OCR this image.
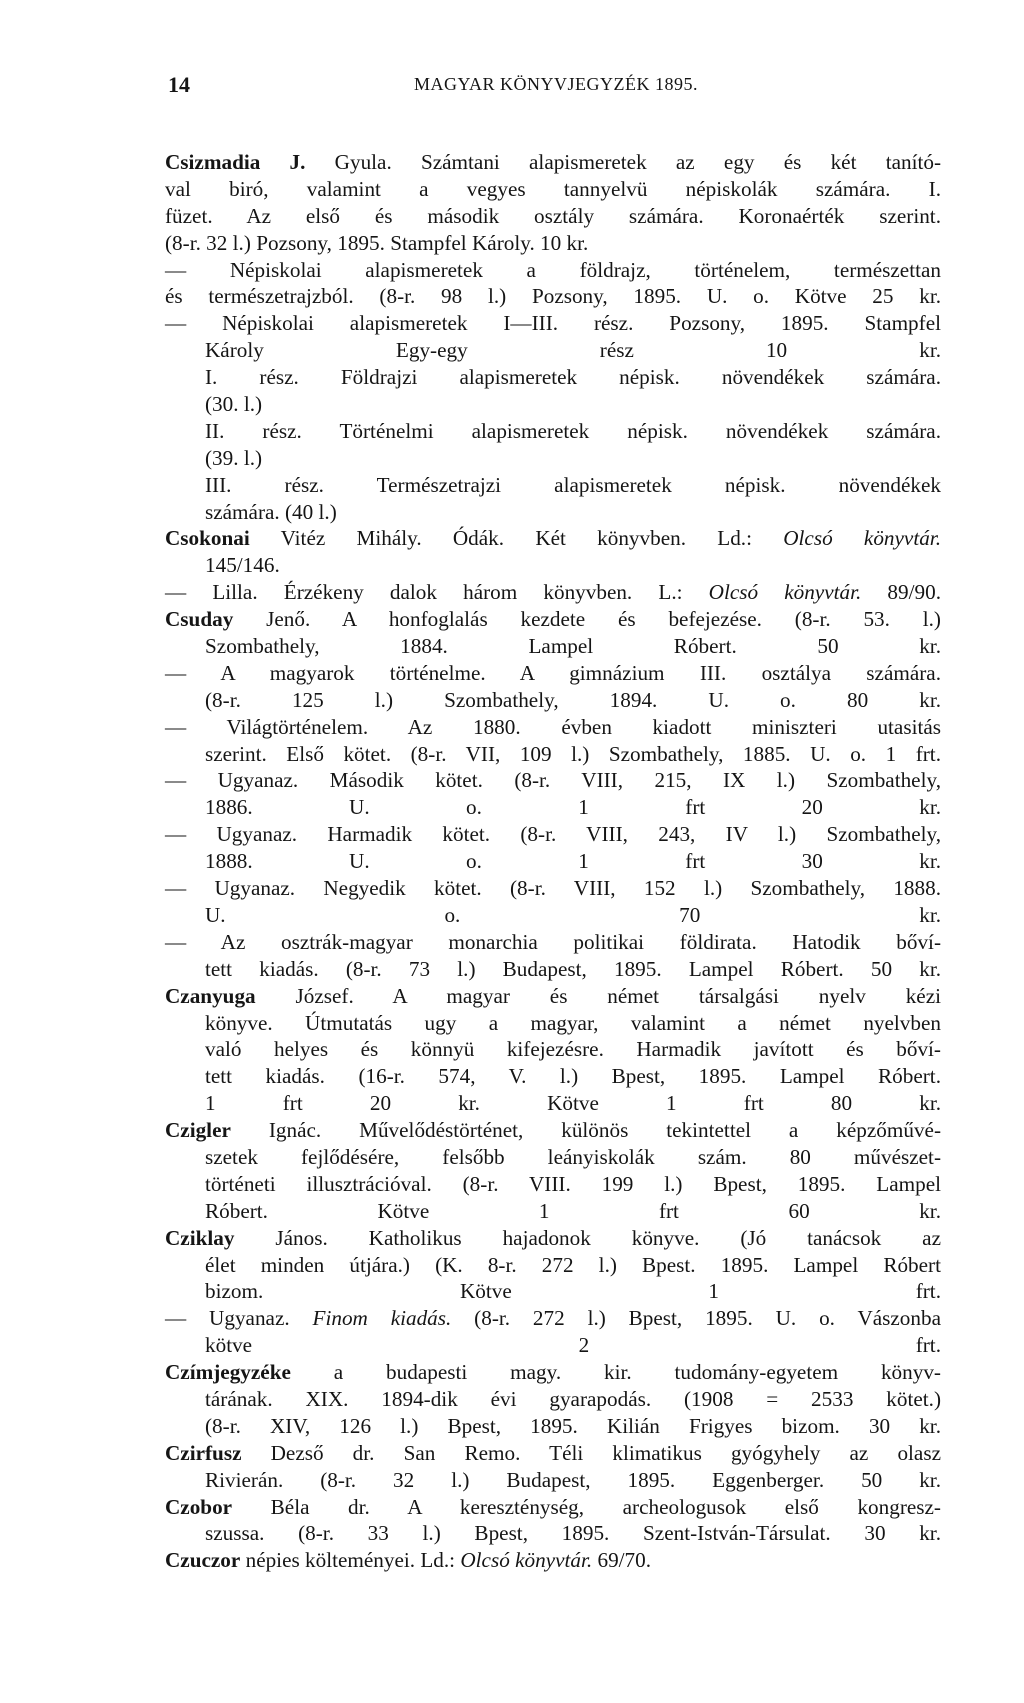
14	MAGYAR KÖNYVJEGYZÉK 1895.
Csizmadia J. Gyula. Számtani alapismeretek az egy és két tanító-
val biró, valamint a vegyes tannyelvü népiskolák számára. I.
füzet. Az első és második osztály számára. Koronaérték szerint.
(8-r. 32 l.) Pozsony, 1895. Stampfel Károly. 10 kr.
— Népiskolai alapismeretek a földrajz, történelem, természettan
és természetrajzból. (8-r. 98 l.) Pozsony, 1895. U. o. Kötve 25 kr.
— Népiskolai alapismeretek I—III. rész. Pozsony, 1895. Stampfel
Károly Egy-egy rész 10 kr.
I. rész. Földrajzi alapismeretek népisk. növendékek számára.
(30. l.)
II. rész. Történelmi alapismeretek népisk. növendékek számára.
(39. l.)
III. rész. Természetrajzi alapismeretek népisk. növendékek
számára. (40 l.)
Csokonai Vitéz Mihály. Ódák. Két könyvben. Ld.: Olcsó könyvtár.
145/146.
— Lilla. Érzékeny dalok három könyvben. L.: Olcsó könyvtár. 89/90.
Csuday Jenő. A honfoglalás kezdete és befejezése. (8-r. 53. l.)
Szombathely, 1884. Lampel Róbert. 50 kr.
— A magyarok történelme. A gimnázium III. osztálya számára.
(8-r. 125 l.) Szombathely, 1894. U. o. 80 kr.
— Világtörténelem. Az 1880. évben kiadott miniszteri utasitás
szerint. Első kötet. (8-r. VII, 109 l.) Szombathely, 1885. U. o. 1 frt.
— Ugyanaz. Második kötet. (8-r. VIII, 215, IX l.) Szombathely,
1886. U. o. 1 frt 20 kr.
— Ugyanaz. Harmadik kötet. (8-r. VIII, 243, IV l.) Szombathely,
1888. U. o. 1 frt 30 kr.
— Ugyanaz. Negyedik kötet. (8-r. VIII, 152 l.) Szombathely, 1888.
U. o. 70 kr.
— Az osztrák-magyar monarchia politikai földirata. Hatodik bőví-
tett kiadás. (8-r. 73 l.) Budapest, 1895. Lampel Róbert. 50 kr.
Czanyuga József. A magyar és német társalgási nyelv kézi
könyve. Útmutatás ugy a magyar, valamint a német nyelvben
való helyes és könnyü kifejezésre. Harmadik javított és bőví-
tett kiadás. (16-r. 574, V. l.) Bpest, 1895. Lampel Róbert.
1 frt 20 kr. Kötve 1 frt 80 kr.
Czigler Ignác. Művelődéstörténet, különös tekintettel a képzőművé-
szetek fejlődésére, felsőbb leányiskolák szám. 80 művészet-
történeti illusztrációval. (8-r. VIII. 199 l.) Bpest, 1895. Lampel
Róbert. Kötve 1 frt 60 kr.
Cziklay János. Katholikus hajadonok könyve. (Jó tanácsok az
élet minden útjára.) (K. 8-r. 272 l.) Bpest. 1895. Lampel Róbert
bizom. Kötve 1 frt.
— Ugyanaz. Finom kiadás. (8-r. 272 l.) Bpest, 1895. U. o. Vászonba
kötve 2 frt.
Czímjegyzéke a budapesti magy. kir. tudomány-egyetem könyv-
tárának. XIX. 1894-dik évi gyarapodás. (1908 = 2533 kötet.)
(8-r. XIV, 126 l.) Bpest, 1895. Kilián Frigyes bizom. 30 kr.
Czirfusz Dezső dr. San Remo. Téli klimatikus gyógyhely az olasz
Rivierán. (8-r. 32 l.) Budapest, 1895. Eggenberger. 50 kr.
Czobor Béla dr. A kereszténység, archeologusok első kongresz-
szussa. (8-r. 33 l.) Bpest, 1895. Szent-István-Társulat. 30 kr.
Czuczor népies költeményei. Ld.: Olcsó könyvtár. 69/70.
